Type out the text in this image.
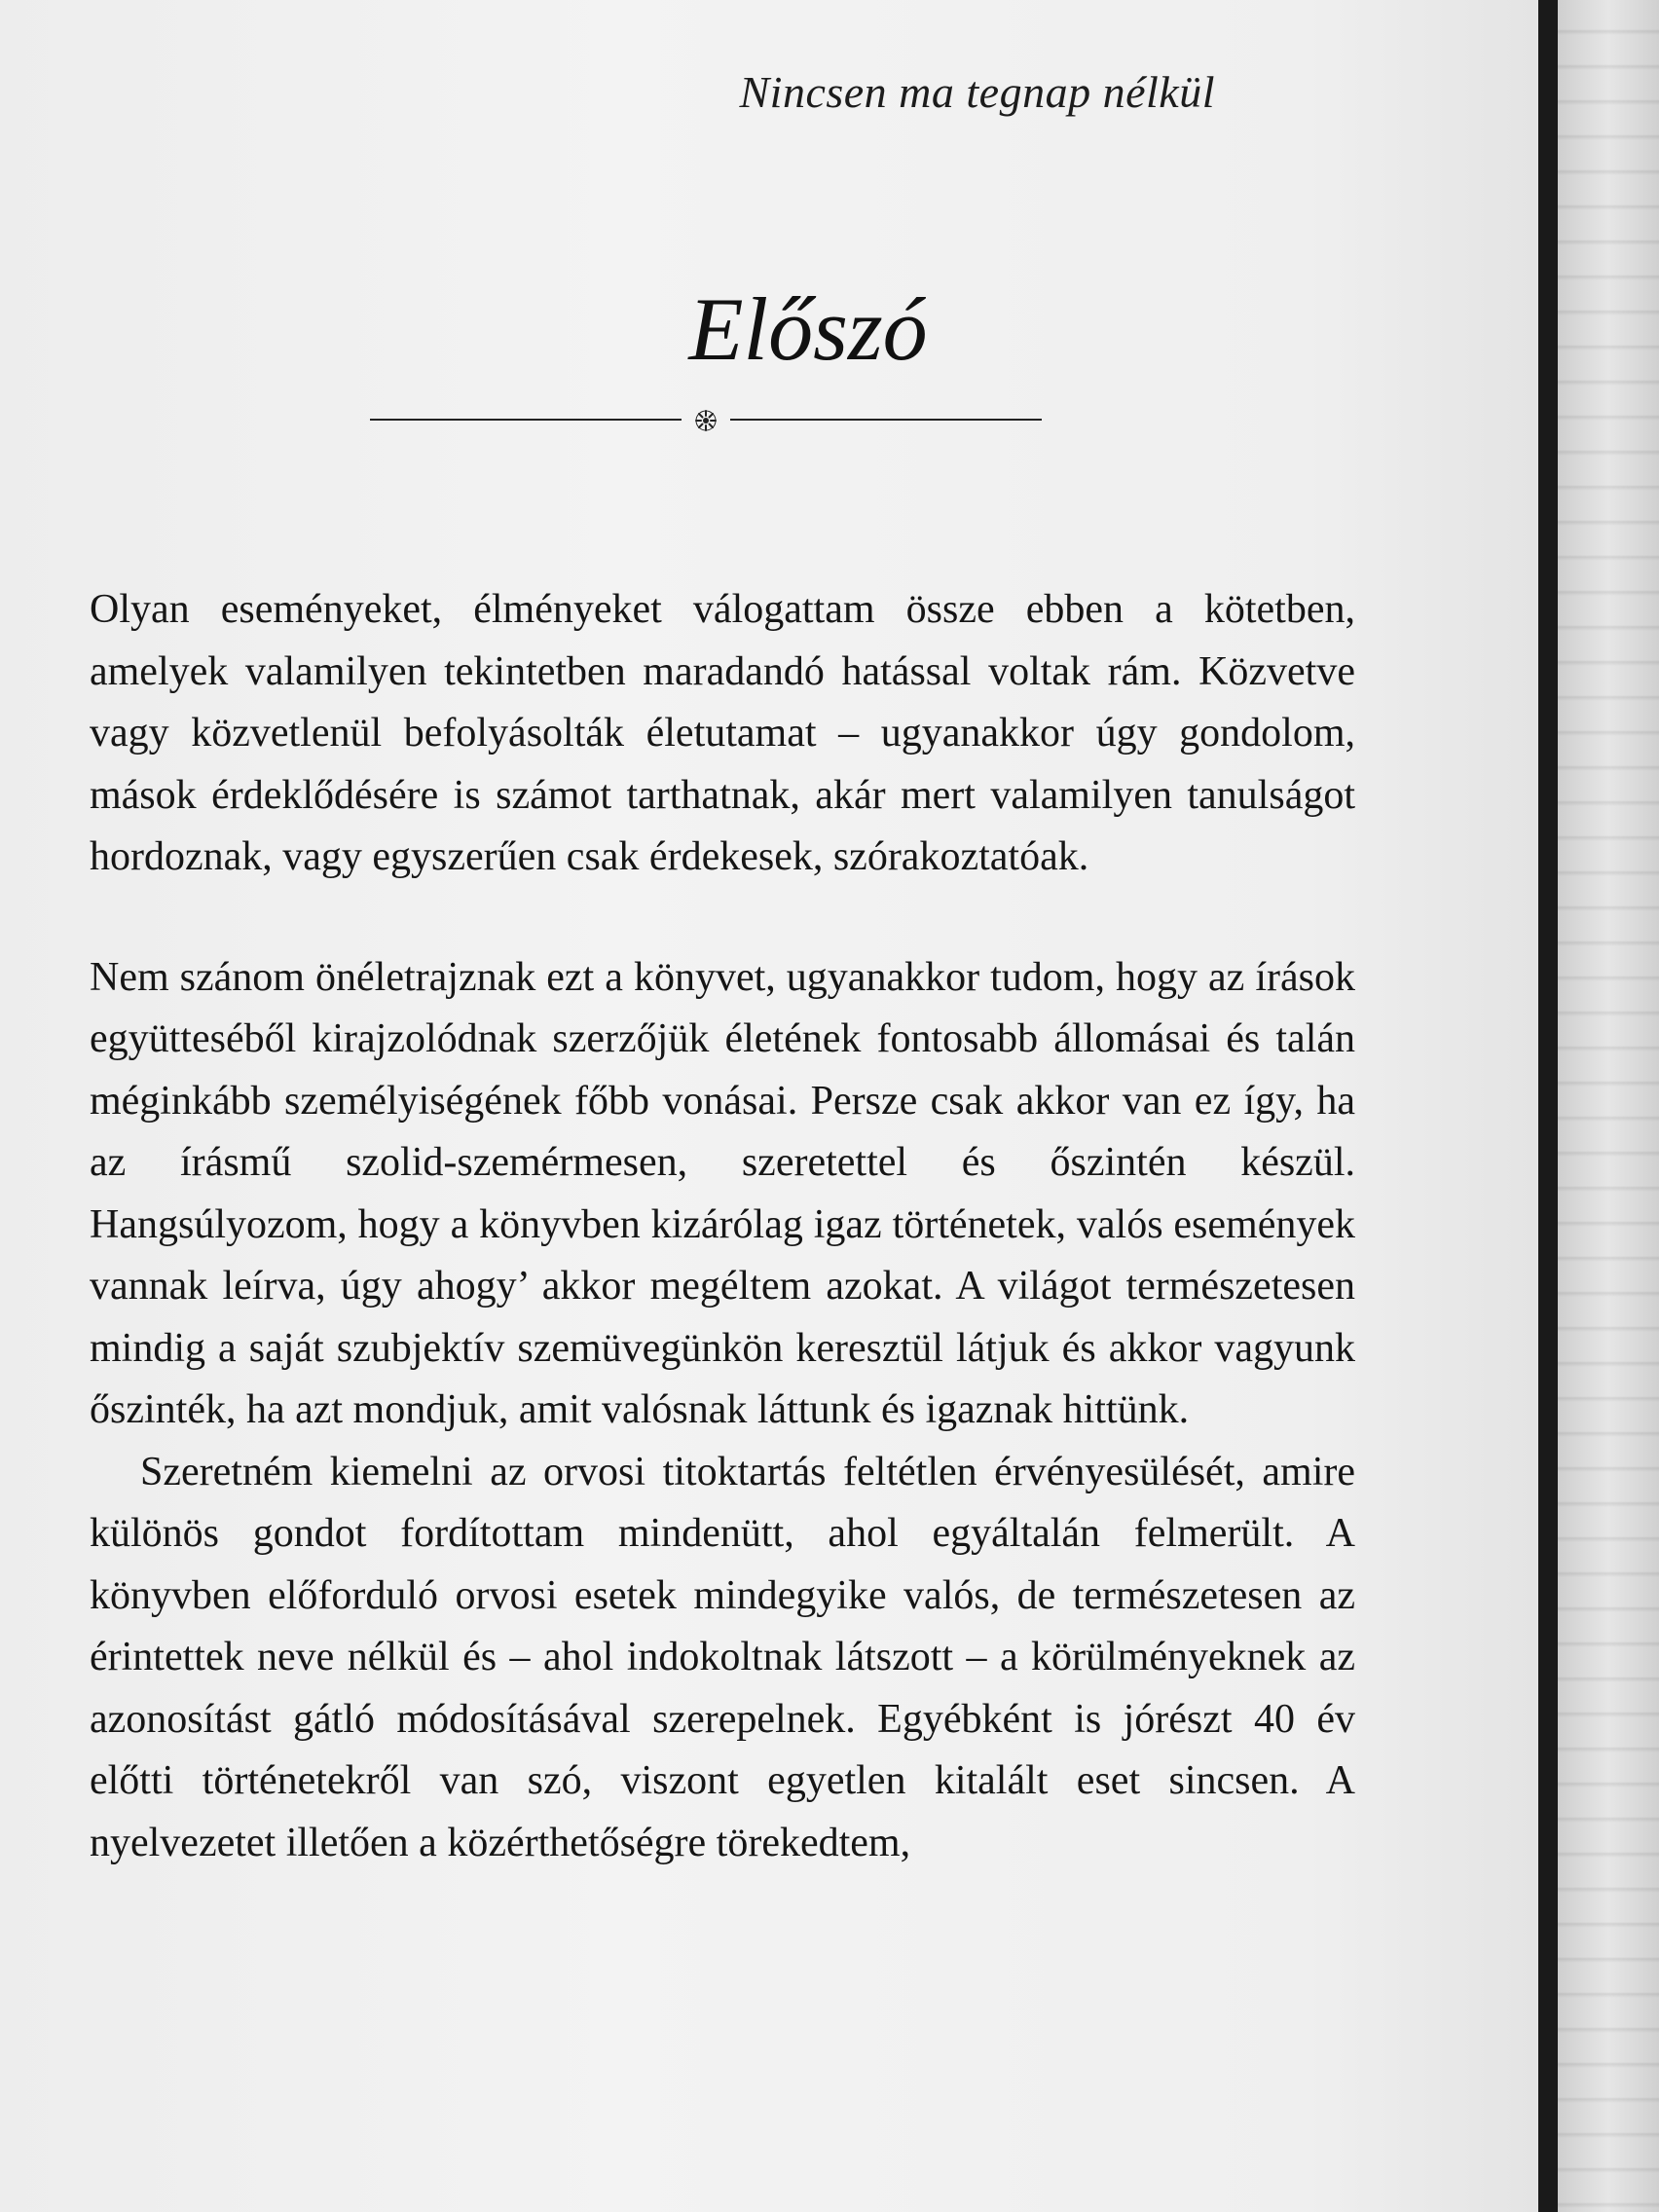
Nincsen ma tegnap nélkül
Előszó

Olyan eseményeket, élményeket válogattam össze ebben a kötetben, amelyek valamilyen tekintetben maradandó hatással voltak rám. Közvetve vagy közvetlenül befolyásolták életutamat – ugyanakkor úgy gondolom, mások érdeklődésére is számot tarthatnak, akár mert valamilyen tanulságot hordoznak, vagy egyszerűen csak érdekesek, szórakoztatóak.

Nem szánom önéletrajznak ezt a könyvet, ugyanakkor tudom, hogy az írások együtteséből kirajzolódnak szerzőjük életének fontosabb állomásai és talán méginkább személyiségének főbb vonásai. Persze csak akkor van ez így, ha az írásmű szolid-szemérmesen, szeretettel és őszintén készül. Hangsúlyozom, hogy a könyvben kizárólag igaz történetek, valós események vannak leírva, úgy ahogy’ akkor megéltem azokat. A világot természetesen mindig a saját szubjektív szemüvegünkön keresztül látjuk és akkor vagyunk őszinték, ha azt mondjuk, amit valósnak láttunk és igaznak hittünk.

Szeretném kiemelni az orvosi titoktartás feltétlen érvényesülését, amire különös gondot fordítottam mindenütt, ahol egyáltalán felmerült. A könyvben előforduló orvosi esetek mindegyike valós, de természetesen az érintettek neve nélkül és – ahol indokoltnak látszott – a körülményeknek az azonosítást gátló módosításával szerepelnek. Egyébként is jórészt 40 év előtti történetekről van szó, viszont egyetlen kitalált eset sincsen. A nyelvezetet illetően a közérthetőségre törekedtem,
